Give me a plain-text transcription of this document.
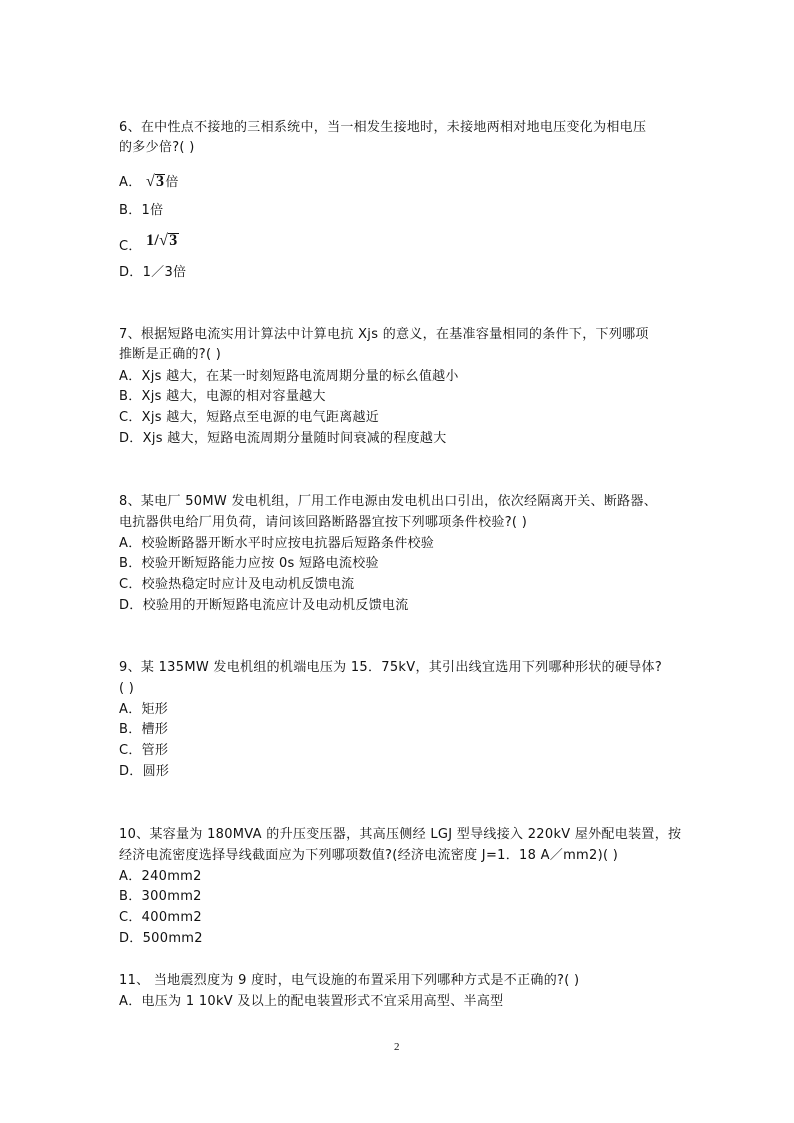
6、在中性点不接地的三相系统中，当一相发生接地时，未接地两相对地电压变化为相电压
的多少倍?( )
A． √3倍
B．1倍
C． 1/√3
D．1／3倍
7、根据短路电流实用计算法中计算电抗 Xjs 的意义，在基准容量相同的条件下，下列哪项
推断是正确的?( )
A．Xjs 越大，在某一时刻短路电流周期分量的标幺值越小
B．Xjs 越大，电源的相对容量越大
C．Xjs 越大，短路点至电源的电气距离越近
D．Xjs 越大，短路电流周期分量随时间衰减的程度越大
8、某电厂 50MW 发电机组，厂用工作电源由发电机出口引出，依次经隔离开关、断路器、
电抗器供电给厂用负荷，请问该回路断路器宜按下列哪项条件校验?( )
A．校验断路器开断水平时应按电抗器后短路条件校验
B．校验开断短路能力应按 0s 短路电流校验
C．校验热稳定时应计及电动机反馈电流
D．校验用的开断短路电流应计及电动机反馈电流
9、某 135MW 发电机组的机端电压为 15．75kV，其引出线宜选用下列哪种形状的硬导体?
( )
A．矩形
B．槽形
C．管形
D．圆形
10、某容量为 180MVA 的升压变压器，其高压侧经 LGJ 型导线接入 220kV 屋外配电装置，按
经济电流密度选择导线截面应为下列哪项数值?(经济电流密度 J=1．18 A／mm2)( )
A．240mm2
B．300mm2
C．400mm2
D．500mm2
11、 当地震烈度为 9 度时，电气设施的布置采用下列哪种方式是不正确的?( )
A．电压为 1 10kV 及以上的配电装置形式不宜采用高型、半高型
2
